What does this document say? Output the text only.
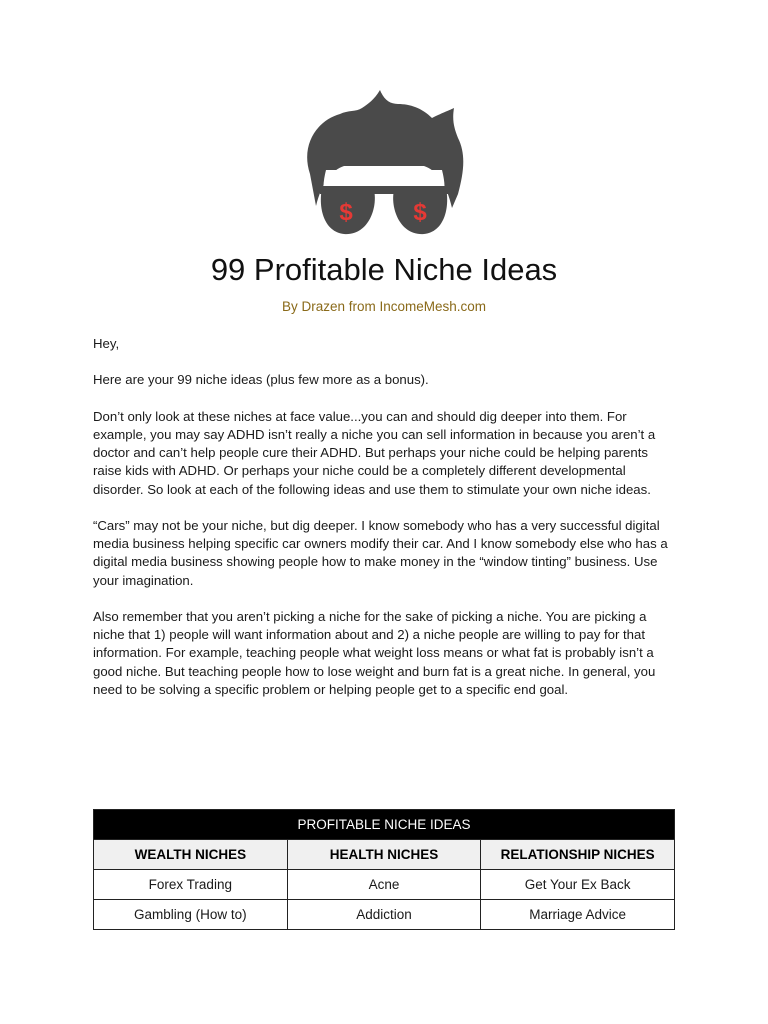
$	$
99 Profitable Niche Ideas
By Drazen from IncomeMesh.com

Hey,

Here are your 99 niche ideas (plus few more as a bonus).

Don’t only look at these niches at face value...you can and should dig deeper into them. For example, you may say ADHD isn’t really a niche you can sell information in because you aren’t a doctor and can’t help people cure their ADHD. But perhaps your niche could be helping parents raise kids with ADHD. Or perhaps your niche could be a completely different developmental disorder. So look at each of the following ideas and use them to stimulate your own niche ideas.

“Cars” may not be your niche, but dig deeper. I know somebody who has a very successful digital media business helping specific car owners modify their car. And I know somebody else who has a digital media business showing people how to make money in the “window tinting” business. Use your imagination.

Also remember that you aren’t picking a niche for the sake of picking a niche. You are picking a niche that 1) people will want information about and 2) a niche people are willing to pay for that information. For example, teaching people what weight loss means or what fat is probably isn’t a good niche. But teaching people how to lose weight and burn fat is a great niche. In general, you need to be solving a specific problem or helping people get to a specific end goal.

PROFITABLE NICHE IDEAS		
WEALTH NICHES	HEALTH NICHES	RELATIONSHIP NICHES
Forex Trading	Acne	Get Your Ex Back
Gambling (How to)	Addiction	Marriage Advice
